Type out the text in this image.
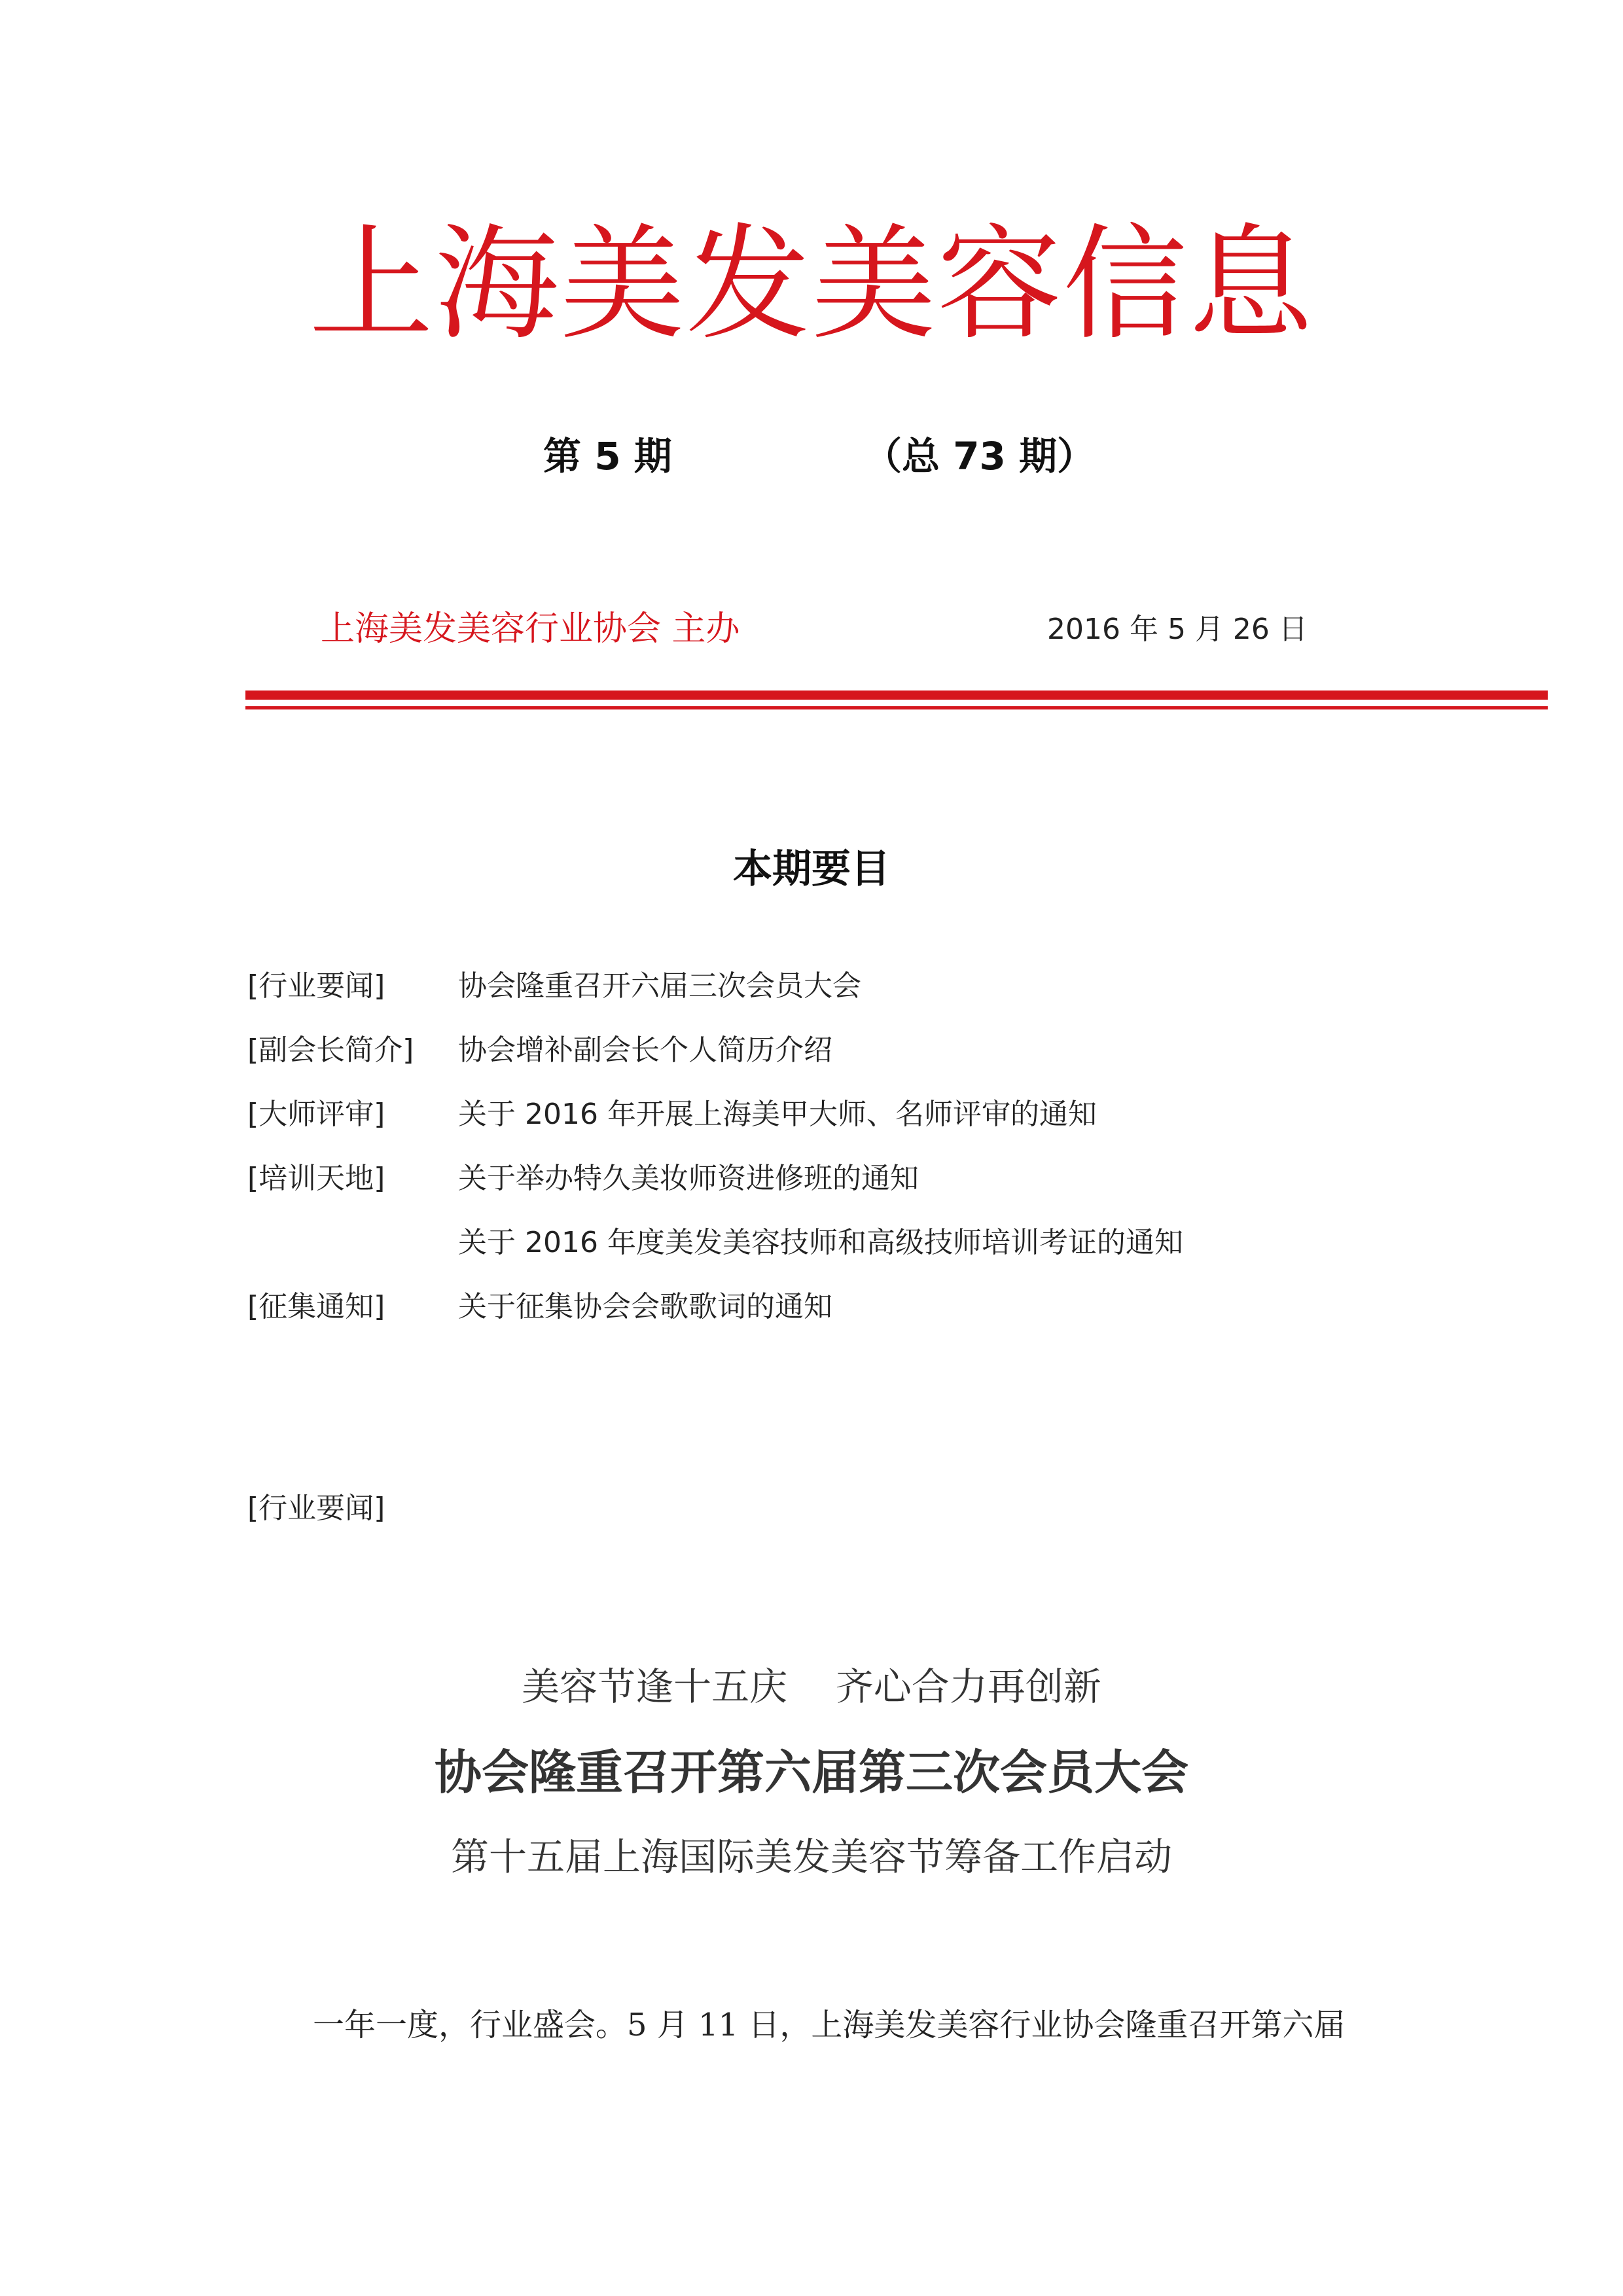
上海美发美容信息
第 5 期	（总 73 期）
上海美发美容行业协会 主办	2016 年 5 月 26 日
本期要目
[行业要闻]	协会隆重召开六届三次会员大会
[副会长简介]	协会增补副会长个人简历介绍
[大师评审]	关于 2016 年开展上海美甲大师、名师评审的通知
[培训天地]	关于举办特久美妆师资进修班的通知
关于 2016 年度美发美容技师和高级技师培训考证的通知
[征集通知]	关于征集协会会歌歌词的通知
[行业要闻]
美容节逢十五庆    齐心合力再创新
协会隆重召开第六届第三次会员大会
第十五届上海国际美发美容节筹备工作启动
一年一度，行业盛会。5 月 11 日，上海美发美容行业协会隆重召开第六届
